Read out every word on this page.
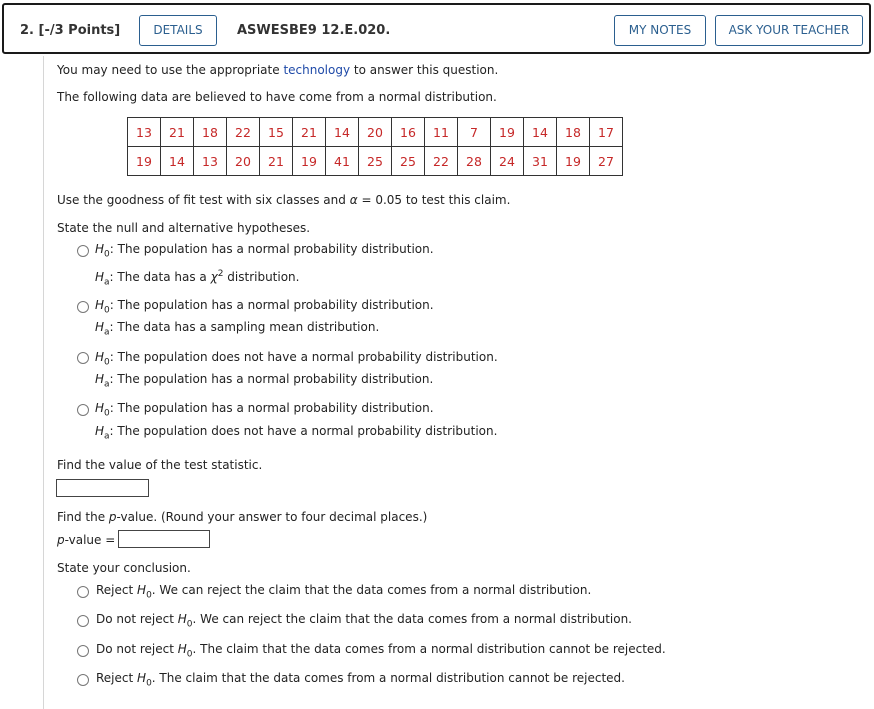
2. [-/3 Points]	DETAILS	ASWESBE9 12.E.020.	MY NOTES	ASK YOUR TEACHER
You may need to use the appropriate technology to answer this question.
The following data are believed to have come from a normal distribution.
13	21	18	22	15	21	14	20	16	11	7	19	14	18	17
19	14	13	20	21	19	41	25	25	22	28	24	31	19	27
Use the goodness of fit test with six classes and α = 0.05 to test this claim.
State the null and alternative hypotheses.
$H_0$: The population has a normal probability distribution.
$H_a$: The data has a $\chi^2$ distribution.
$H_0$: The population has a normal probability distribution.
$H_a$: The data has a sampling mean distribution.
$H_0$: The population does not have a normal probability distribution.
$H_a$: The population has a normal probability distribution.
$H_0$: The population has a normal probability distribution.
$H_a$: The population does not have a normal probability distribution.
Find the value of the test statistic.
Find the p-value. (Round your answer to four decimal places.)
p-value =
State your conclusion.
Reject $H_0$. We can reject the claim that the data comes from a normal distribution.
Do not reject $H_0$. We can reject the claim that the data comes from a normal distribution.
Do not reject $H_0$. The claim that the data comes from a normal distribution cannot be rejected.
Reject $H_0$. The claim that the data comes from a normal distribution cannot be rejected.
